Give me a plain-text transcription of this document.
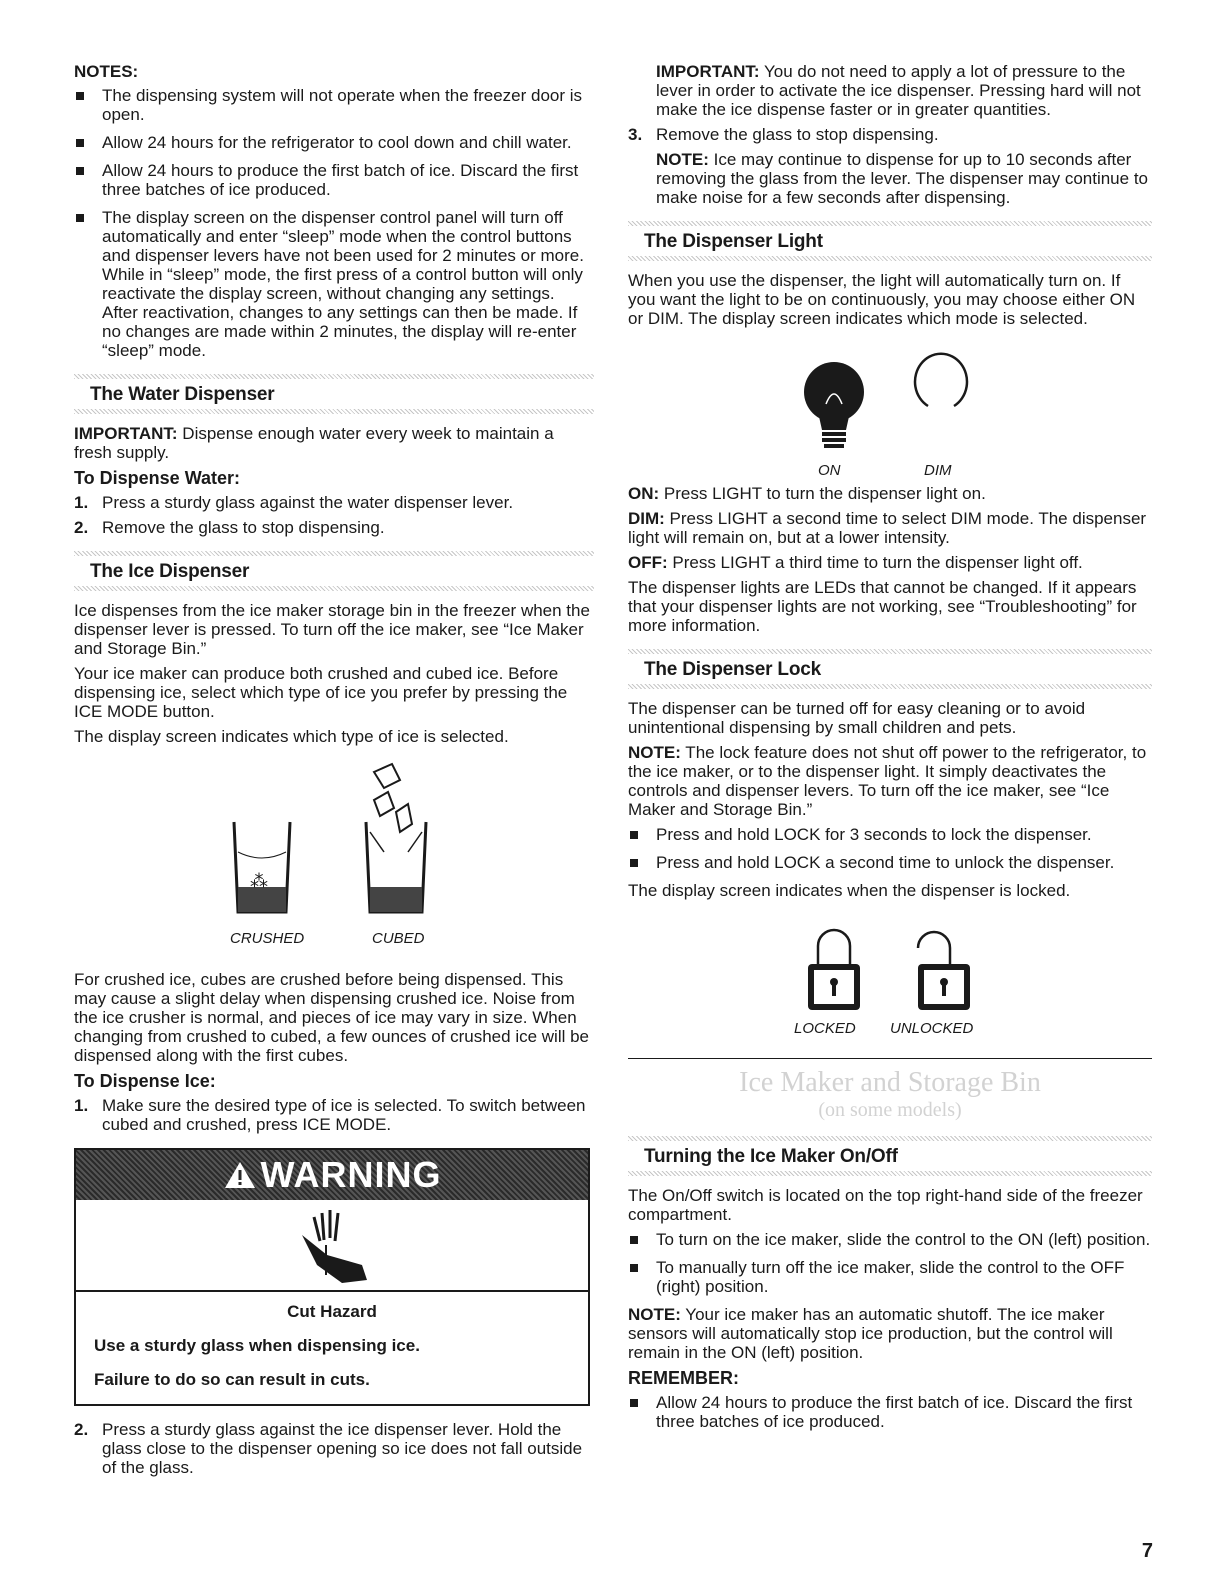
NOTES:
The dispensing system will not operate when the freezer door is open.
Allow 24 hours for the refrigerator to cool down and chill water.
Allow 24 hours to produce the first batch of ice. Discard the first three batches of ice produced.
The display screen on the dispenser control panel will turn off automatically and enter “sleep” mode when the control buttons and dispenser levers have not been used for 2 minutes or more. While in “sleep” mode, the first press of a control button will only reactivate the display screen, without changing any settings. After reactivation, changes to any settings can then be made. If no changes are made within 2 minutes, the display will re-enter “sleep” mode.
The Water Dispenser

IMPORTANT: Dispense enough water every week to maintain a fresh supply.

To Dispense Water:
1. Press a sturdy glass against the water dispenser lever.
2. Remove the glass to stop dispensing.
The Ice Dispenser

Ice dispenses from the ice maker storage bin in the freezer when the dispenser lever is pressed. To turn off the ice maker, see “Ice Maker and Storage Bin.”

Your ice maker can produce both crushed and cubed ice. Before dispensing ice, select which type of ice you prefer by pressing the ICE MODE button.

The display screen indicates which type of ice is selected.

⁂
CRUSHED	CUBED

For crushed ice, cubes are crushed before being dispensed. This may cause a slight delay when dispensing crushed ice. Noise from the ice crusher is normal, and pieces of ice may vary in size. When changing from crushed to cubed, a few ounces of crushed ice will be dispensed along with the first cubes.

To Dispense Ice:
1. Make sure the desired type of ice is selected. To switch between cubed and crushed, press ICE MODE.
WARNING
Cut Hazard
Use a sturdy glass when dispensing ice.
Failure to do so can result in cuts.
2. Press a sturdy glass against the ice dispenser lever. Hold the glass close to the dispenser opening so ice does not fall outside of the glass.

IMPORTANT: You do not need to apply a lot of pressure to the lever in order to activate the ice dispenser. Pressing hard will not make the ice dispense faster or in greater quantities.

3. Remove the glass to stop dispensing.

NOTE: Ice may continue to dispense for up to 10 seconds after removing the glass from the lever. The dispenser may continue to make noise for a few seconds after dispensing.

The Dispenser Light

When you use the dispenser, the light will automatically turn on. If you want the light to be on continuously, you may choose either ON or DIM. The display screen indicates which mode is selected.

ON	DIM

ON: Press LIGHT to turn the dispenser light on.

DIM: Press LIGHT a second time to select DIM mode. The dispenser light will remain on, but at a lower intensity.

OFF: Press LIGHT a third time to turn the dispenser light off.

The dispenser lights are LEDs that cannot be changed. If it appears that your dispenser lights are not working, see “Troubleshooting” for more information.

The Dispenser Lock

The dispenser can be turned off for easy cleaning or to avoid unintentional dispensing by small children and pets.

NOTE: The lock feature does not shut off power to the refrigerator, to the ice maker, or to the dispenser light. It simply deactivates the controls and dispenser levers. To turn off the ice maker, see “Ice Maker and Storage Bin.”

Press and hold LOCK for 3 seconds to lock the dispenser.
Press and hold LOCK a second time to unlock the dispenser.

The display screen indicates when the dispenser is locked.

LOCKED UNLOCKED
Ice Maker and Storage Bin
(on some models)
Turning the Ice Maker On/Off

The On/Off switch is located on the top right-hand side of the freezer compartment.

To turn on the ice maker, slide the control to the ON (left) position.
To manually turn off the ice maker, slide the control to the OFF (right) position.

NOTE: Your ice maker has an automatic shutoff. The ice maker sensors will automatically stop ice production, but the control will remain in the ON (left) position.

REMEMBER:
Allow 24 hours to produce the first batch of ice. Discard the first three batches of ice produced.
7
